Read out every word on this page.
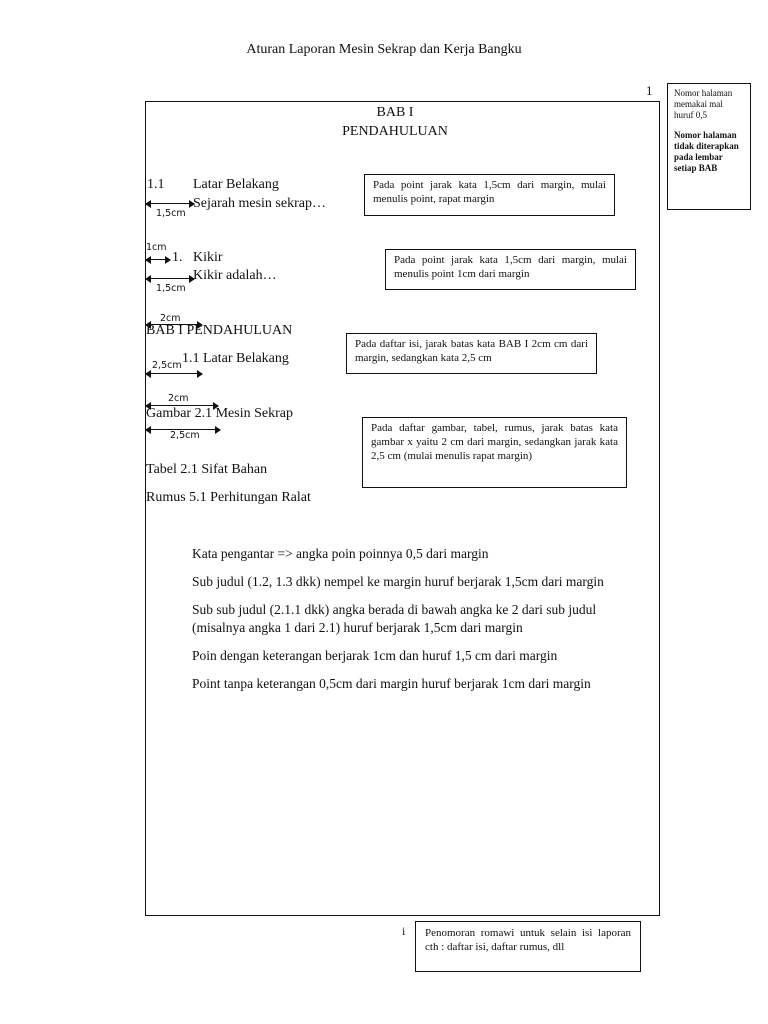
Aturan Laporan Mesin Sekrap dan Kerja Bangku
1 Nomor halaman memakai mal huruf 0,5
Nomor halaman tidak diterapkan pada lembar setiap BAB
BAB I
PENDAHULUAN
1.1 Latar Belakang
Sejarah mesin sekrap…
1,5cm
1cm
1. Kikir
Kikir adalah…
1,5cm
2cm
BAB I PENDAHULUAN
2,5cm 1.1 Latar Belakang
2cm
Gambar 2.1 Mesin Sekrap
2,5cm
Tabel 2.1 Sifat Bahan
Rumus 5.1 Perhitungan Ralat
Kata pengantar => angka poin poinnya 0,5 dari margin
Sub judul (1.2, 1.3 dkk) nempel ke margin huruf berjarak 1,5cm dari margin
Sub sub judul (2.1.1 dkk) angka berada di bawah angka ke 2 dari sub judul
(misalnya angka 1 dari 2.1) huruf berjarak 1,5cm dari margin
Poin dengan keterangan berjarak 1cm dan huruf 1,5 cm dari margin
Point tanpa keterangan 0,5cm dari margin huruf berjarak 1cm dari margin
Pada point jarak kata 1,5cm dari margin, mulai menulis point, rapat margin
Pada point jarak kata 1,5cm dari margin, mulai menulis point 1cm dari margin
Pada daftar isi, jarak batas kata BAB I 2cm cm dari margin, sedangkan kata 2,5 cm
Pada daftar gambar, tabel, rumus, jarak batas kata gambar x yaitu 2 cm dari margin, sedangkan jarak kata 2,5 cm (mulai menulis rapat margin)
i	Penomoran romawi untuk selain isi laporan cth : daftar isi, daftar rumus, dll
